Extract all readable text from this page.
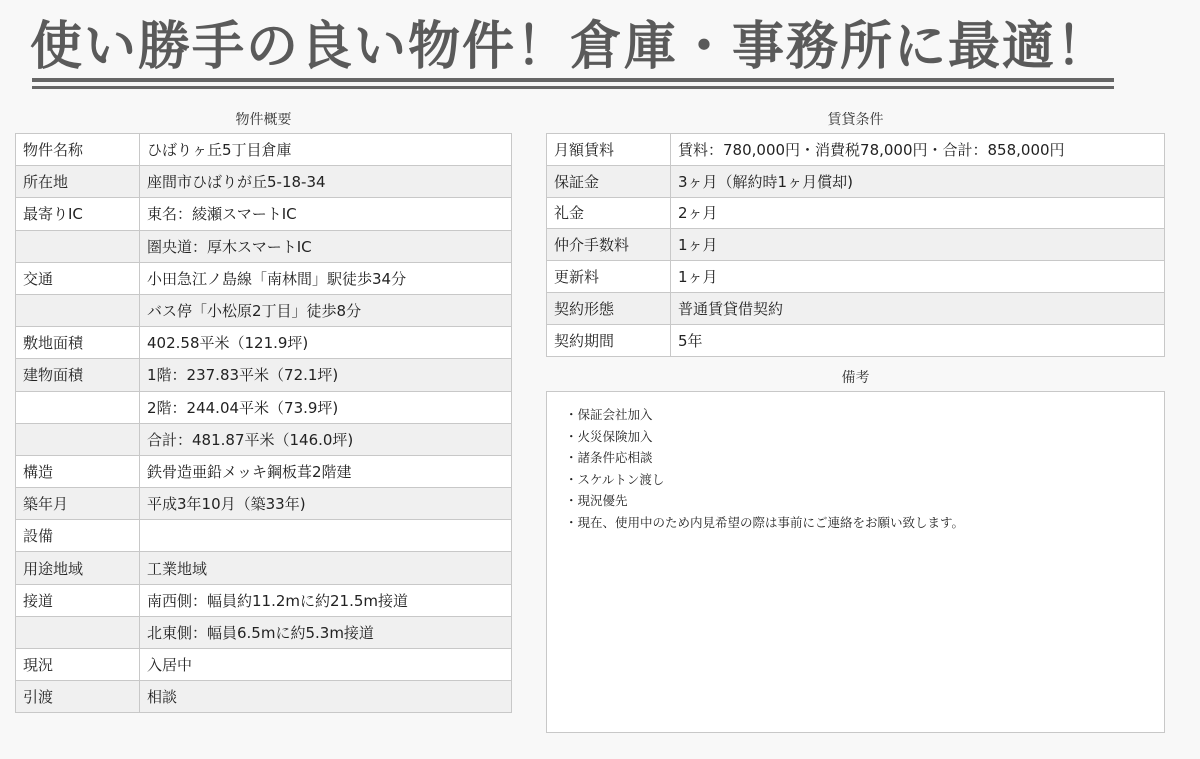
使い勝手の良い物件！倉庫・事務所に最適！
物件概要
物件名称	ひばりヶ丘5丁目倉庫
所在地	座間市ひばりが丘5-18-34
最寄りIC	東名：綾瀬スマートIC
	圏央道：厚木スマートIC
交通	小田急江ノ島線「南林間」駅徒歩34分
	バス停「小松原2丁目」徒歩8分
敷地面積	402.58平米（121.9坪)
建物面積	1階：237.83平米（72.1坪)
	2階：244.04平米（73.9坪)
	合計：481.87平米（146.0坪)
構造	鉄骨造亜鉛メッキ鋼板葺2階建
築年月	平成3年10月（築33年)
設備	
用途地域	工業地域
接道	南西側：幅員約11.2mに約21.5m接道
	北東側：幅員6.5mに約5.3m接道
現況	入居中
引渡	相談
賃貸条件
月額賃料	賃料：780,000円・消費税78,000円・合計：858,000円
保証金	3ヶ月（解約時1ヶ月償却)
礼金	2ヶ月
仲介手数料	1ヶ月
更新料	1ヶ月
契約形態	普通賃貸借契約
契約期間	5年
備考
・保証会社加入
・火災保険加入
・諸条件応相談
・スケルトン渡し
・現況優先
・現在、使用中のため内見希望の際は事前にご連絡をお願い致します。
